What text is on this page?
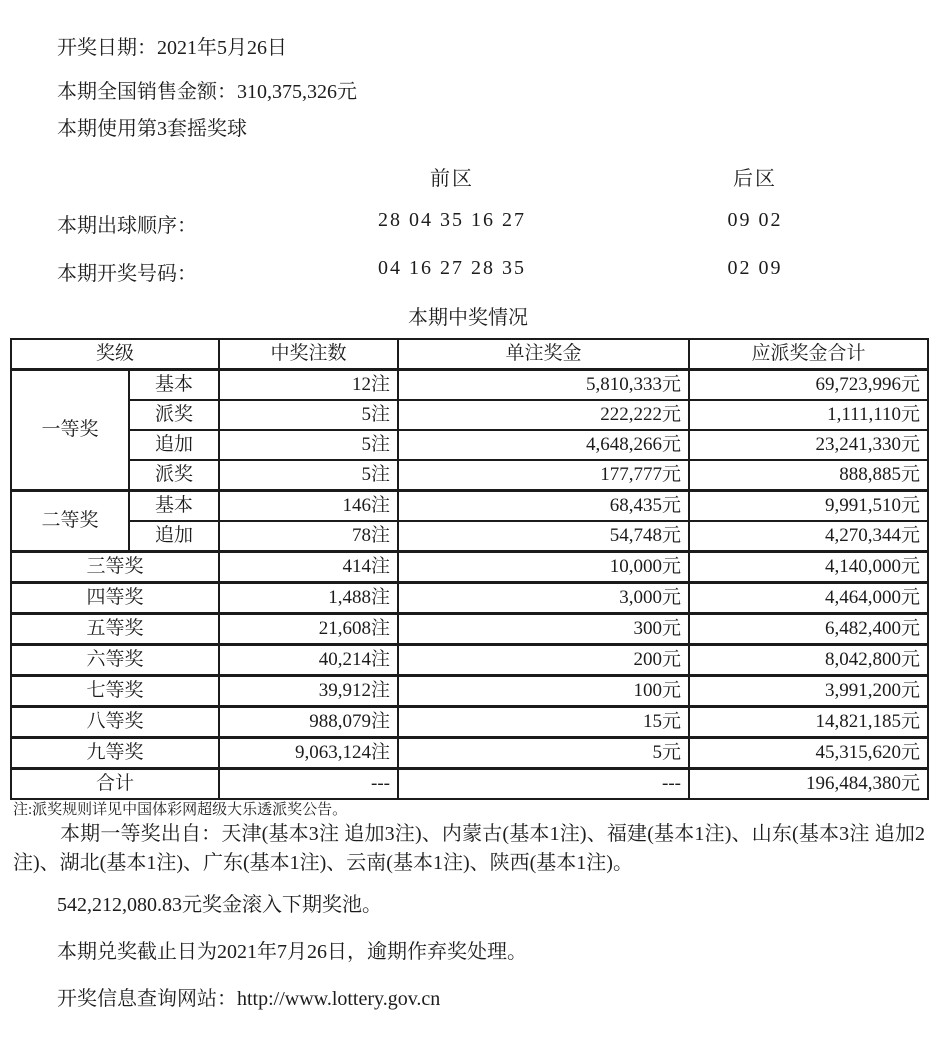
开奖日期：2021年5月26日
本期全国销售金额：310,375,326元
本期使用第3套摇奖球
前区	后区
本期出球顺序：	28 04 35 16 27	09 02
本期开奖号码：	04 16 27 28 35	02 09
本期中奖情况
奖级		中奖注数	单注奖金	应派奖金合计
一等奖	基本	12注	5,810,333元	69,723,996元
	派奖	5注	222,222元	1,111,110元
	追加	5注	4,648,266元	23,241,330元
	派奖	5注	177,777元	888,885元
二等奖	基本	146注	68,435元	9,991,510元
	追加	78注	54,748元	4,270,344元
三等奖		414注	10,000元	4,140,000元
四等奖		1,488注	3,000元	4,464,000元
五等奖		21,608注	300元	6,482,400元
六等奖		40,214注	200元	8,042,800元
七等奖		39,912注	100元	3,991,200元
八等奖		988,079注	15元	14,821,185元
九等奖		9,063,124注	5元	45,315,620元
合计		---	---	196,484,380元
注:派奖规则详见中国体彩网超级大乐透派奖公告。
本期一等奖出自：天津(基本3注 追加3注)、内蒙古(基本1注)、福建(基本1注)、山东(基本3注 追加2注)、湖北(基本1注)、广东(基本1注)、云南(基本1注)、陕西(基本1注)。
542,212,080.83元奖金滚入下期奖池。
本期兑奖截止日为2021年7月26日，逾期作弃奖处理。
开奖信息查询网站：http://www.lottery.gov.cn
